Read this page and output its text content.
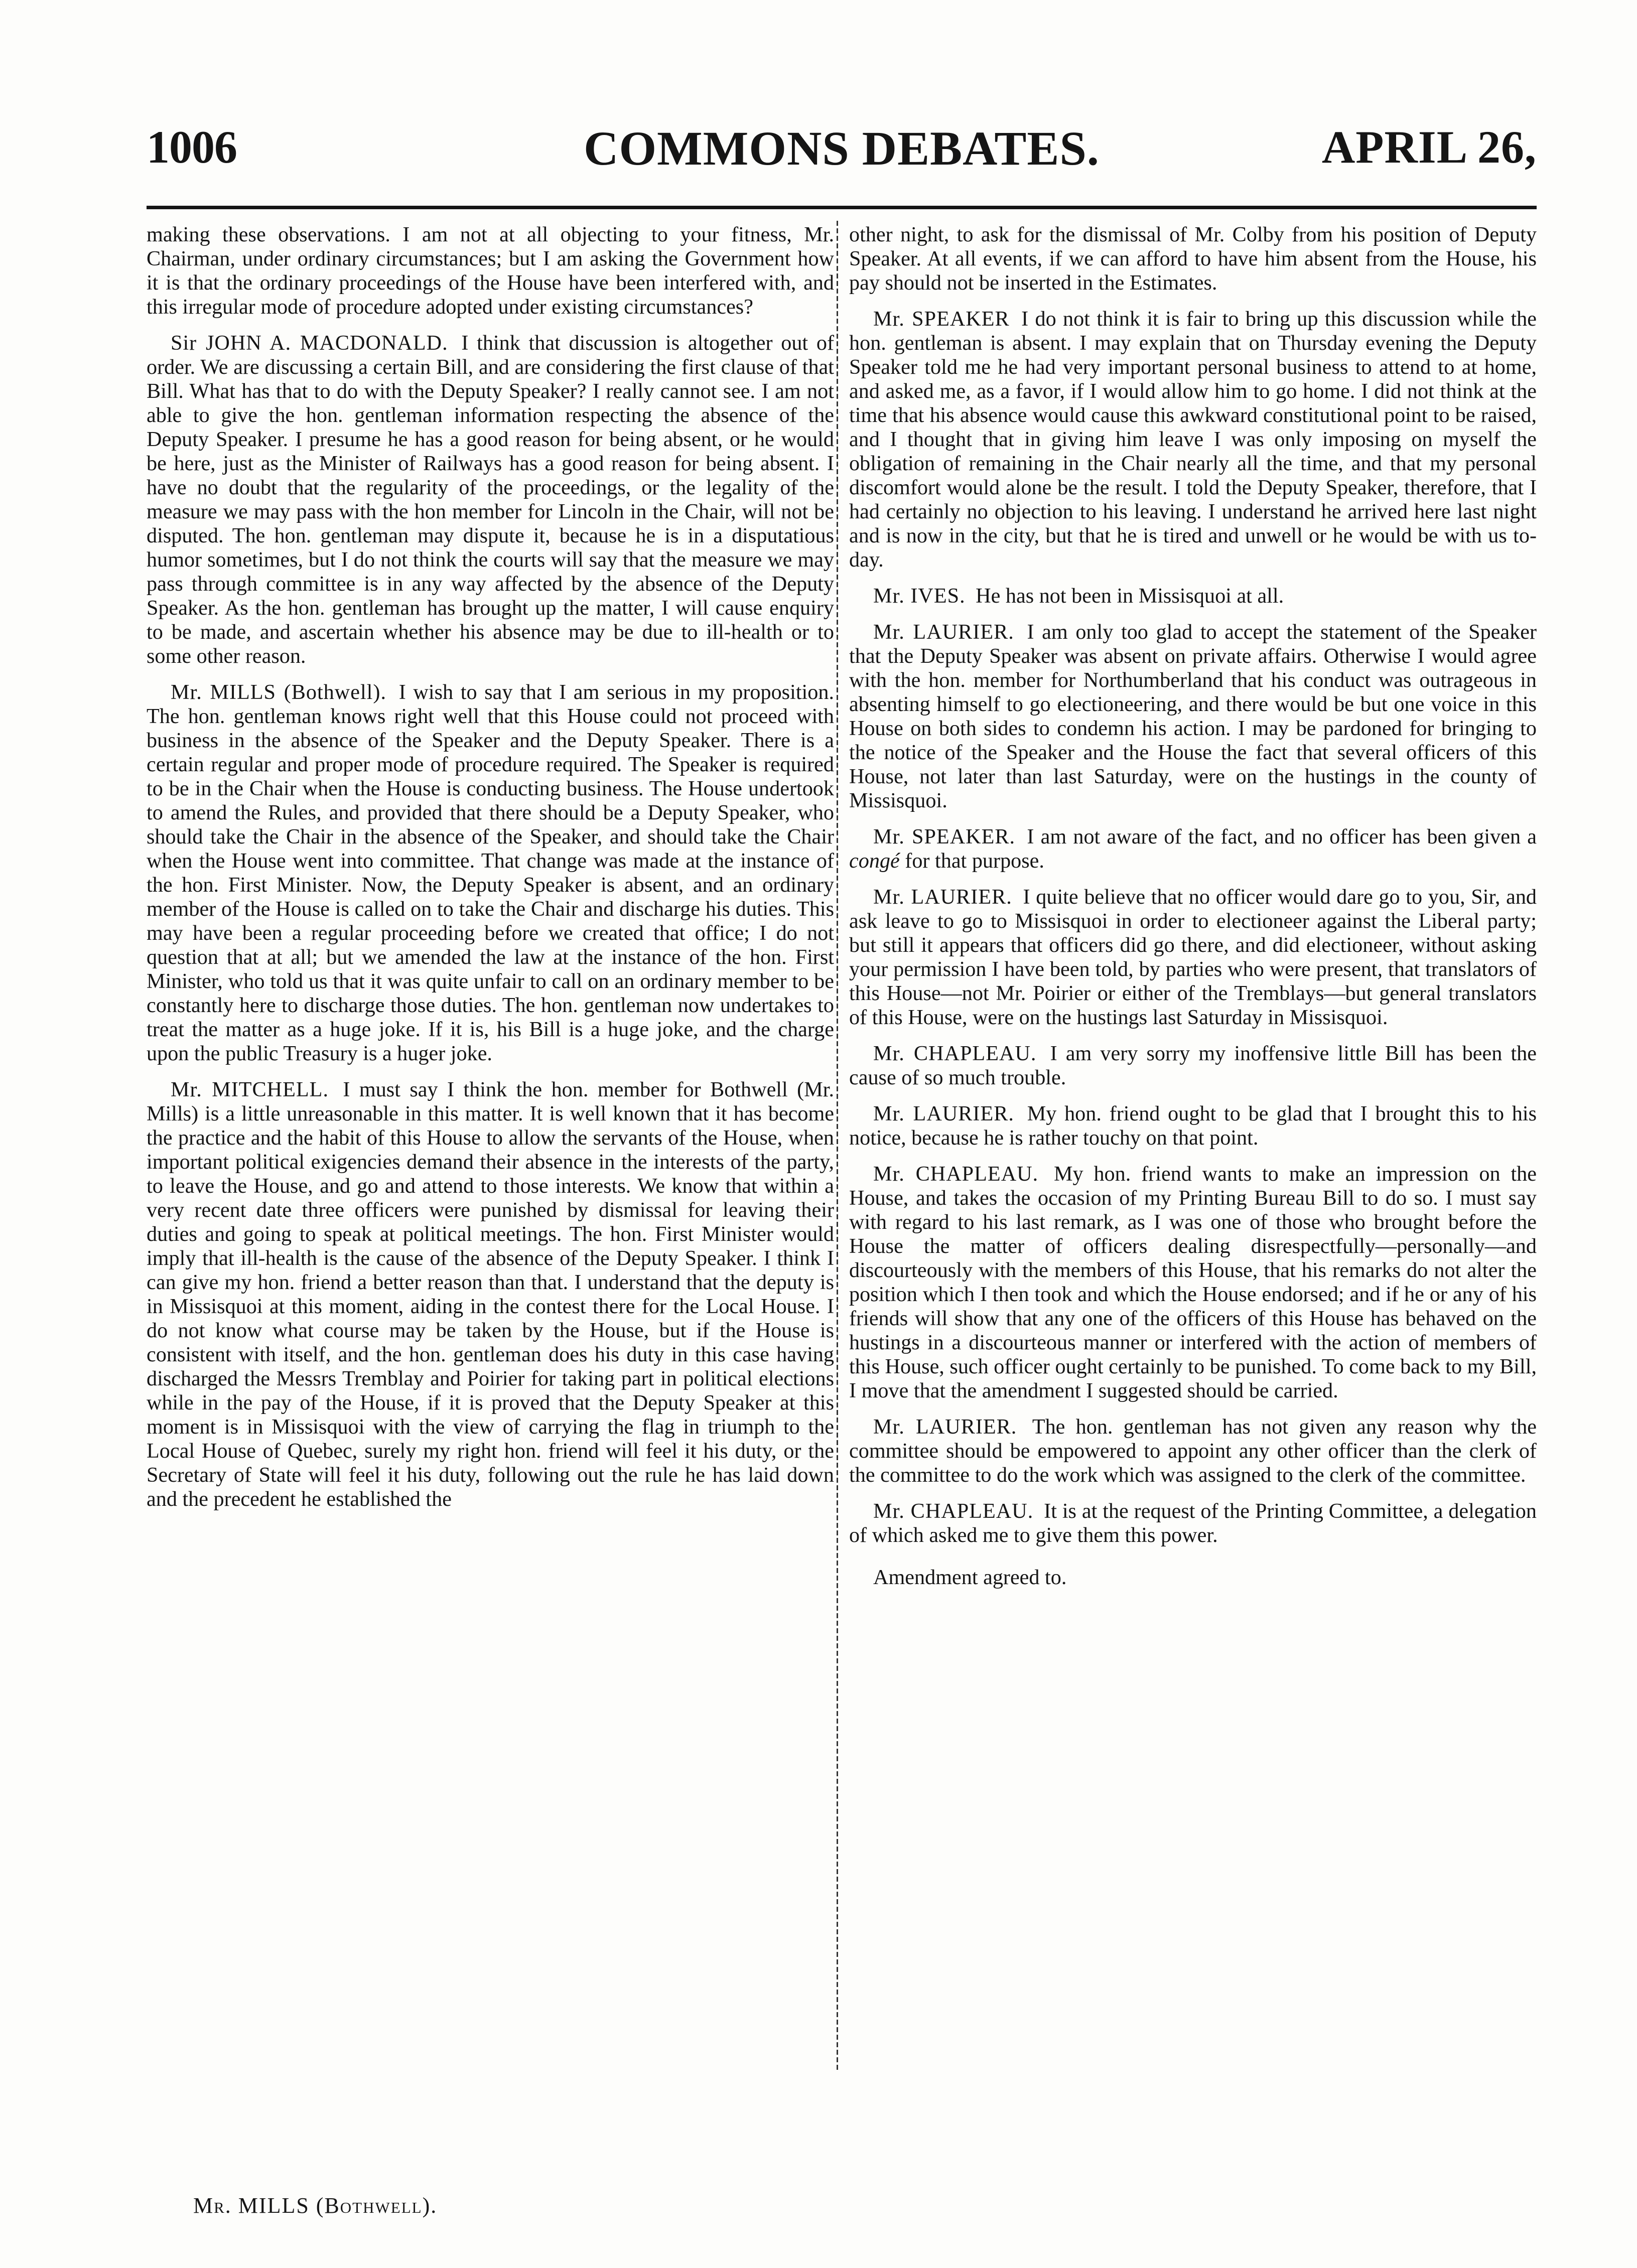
1006	COMMONS DEBATES.	APRIL 26,

making these observations. I am not at all objecting to your fitness, Mr. Chairman, under ordinary circumstances; but I am asking the Government how it is that the ordinary proceedings of the House have been interfered with, and this irregular mode of procedure adopted under existing circumstances?

Sir JOHN A. MACDONALD. I think that discussion is altogether out of order. We are discussing a certain Bill, and are considering the first clause of that Bill. What has that to do with the Deputy Speaker? I really cannot see. I am not able to give the hon. gentleman information respecting the absence of the Deputy Speaker. I presume he has a good reason for being absent, or he would be here, just as the Minister of Railways has a good reason for being absent. I have no doubt that the regularity of the proceedings, or the legality of the measure we may pass with the hon member for Lincoln in the Chair, will not be disputed. The hon. gentleman may dispute it, because he is in a disputatious humor sometimes, but I do not think the courts will say that the measure we may pass through committee is in any way affected by the absence of the Deputy Speaker. As the hon. gentleman has brought up the matter, I will cause enquiry to be made, and ascertain whether his absence may be due to ill-health or to some other reason.

Mr. MILLS (Bothwell). I wish to say that I am serious in my proposition. The hon. gentleman knows right well that this House could not proceed with business in the absence of the Speaker and the Deputy Speaker. There is a certain regular and proper mode of procedure required. The Speaker is required to be in the Chair when the House is conducting business. The House undertook to amend the Rules, and provided that there should be a Deputy Speaker, who should take the Chair in the absence of the Speaker, and should take the Chair when the House went into committee. That change was made at the instance of the hon. First Minister. Now, the Deputy Speaker is absent, and an ordinary member of the House is called on to take the Chair and discharge his duties. This may have been a regular proceeding before we created that office; I do not question that at all; but we amended the law at the instance of the hon. First Minister, who told us that it was quite unfair to call on an ordinary member to be constantly here to discharge those duties. The hon. gentleman now undertakes to treat the matter as a huge joke. If it is, his Bill is a huge joke, and the charge upon the public Treasury is a huger joke.

Mr. MITCHELL. I must say I think the hon. member for Bothwell (Mr. Mills) is a little unreasonable in this matter. It is well known that it has become the practice and the habit of this House to allow the servants of the House, when important political exigencies demand their absence in the interests of the party, to leave the House, and go and attend to those interests. We know that within a very recent date three officers were punished by dismissal for leaving their duties and going to speak at political meetings. The hon. First Minister would imply that ill-health is the cause of the absence of the Deputy Speaker. I think I can give my hon. friend a better reason than that. I understand that the deputy is in Missisquoi at this moment, aiding in the contest there for the Local House. I do not know what course may be taken by the House, but if the House is consistent with itself, and the hon. gentleman does his duty in this case having discharged the Messrs Tremblay and Poirier for taking part in political elections while in the pay of the House, if it is proved that the Deputy Speaker at this moment is in Missisquoi with the view of carrying the flag in triumph to the Local House of Quebec, surely my right hon. friend will feel it his duty, or the Secretary of State will feel it his duty, following out the rule he has laid down and the precedent he established the

Mr. MILLS (Bothwell).

other night, to ask for the dismissal of Mr. Colby from his position of Deputy Speaker. At all events, if we can afford to have him absent from the House, his pay should not be inserted in the Estimates.

Mr. SPEAKER I do not think it is fair to bring up this discussion while the hon. gentleman is absent. I may explain that on Thursday evening the Deputy Speaker told me he had very important personal business to attend to at home, and asked me, as a favor, if I would allow him to go home. I did not think at the time that his absence would cause this awkward constitutional point to be raised, and I thought that in giving him leave I was only imposing on myself the obligation of remaining in the Chair nearly all the time, and that my personal discomfort would alone be the result. I told the Deputy Speaker, therefore, that I had certainly no objection to his leaving. I understand he arrived here last night and is now in the city, but that he is tired and unwell or he would be with us to-day.

Mr. IVES. He has not been in Missisquoi at all.

Mr. LAURIER. I am only too glad to accept the statement of the Speaker that the Deputy Speaker was absent on private affairs. Otherwise I would agree with the hon. member for Northumberland that his conduct was outrageous in absenting himself to go electioneering, and there would be but one voice in this House on both sides to condemn his action. I may be pardoned for bringing to the notice of the Speaker and the House the fact that several officers of this House, not later than last Saturday, were on the hustings in the county of Missisquoi.

Mr. SPEAKER. I am not aware of the fact, and no officer has been given a congé for that purpose.

Mr. LAURIER. I quite believe that no officer would dare go to you, Sir, and ask leave to go to Missisquoi in order to electioneer against the Liberal party; but still it appears that officers did go there, and did electioneer, without asking your permission I have been told, by parties who were present, that translators of this House—not Mr. Poirier or either of the Tremblays—but general translators of this House, were on the hustings last Saturday in Missisquoi.

Mr. CHAPLEAU. I am very sorry my inoffensive little Bill has been the cause of so much trouble.

Mr. LAURIER. My hon. friend ought to be glad that I brought this to his notice, because he is rather touchy on that point.

Mr. CHAPLEAU. My hon. friend wants to make an impression on the House, and takes the occasion of my Printing Bureau Bill to do so. I must say with regard to his last remark, as I was one of those who brought before the House the matter of officers dealing disrespectfully—personally—and discourteously with the members of this House, that his remarks do not alter the position which I then took and which the House endorsed; and if he or any of his friends will show that any one of the officers of this House has behaved on the hustings in a discourteous manner or interfered with the action of members of this House, such officer ought certainly to be punished. To come back to my Bill, I move that the amendment I suggested should be carried.

Mr. LAURIER. The hon. gentleman has not given any reason why the committee should be empowered to appoint any other officer than the clerk of the committee to do the work which was assigned to the clerk of the committee.

Mr. CHAPLEAU. It is at the request of the Printing Committee, a delegation of which asked me to give them this power.

Amendment agreed to.
